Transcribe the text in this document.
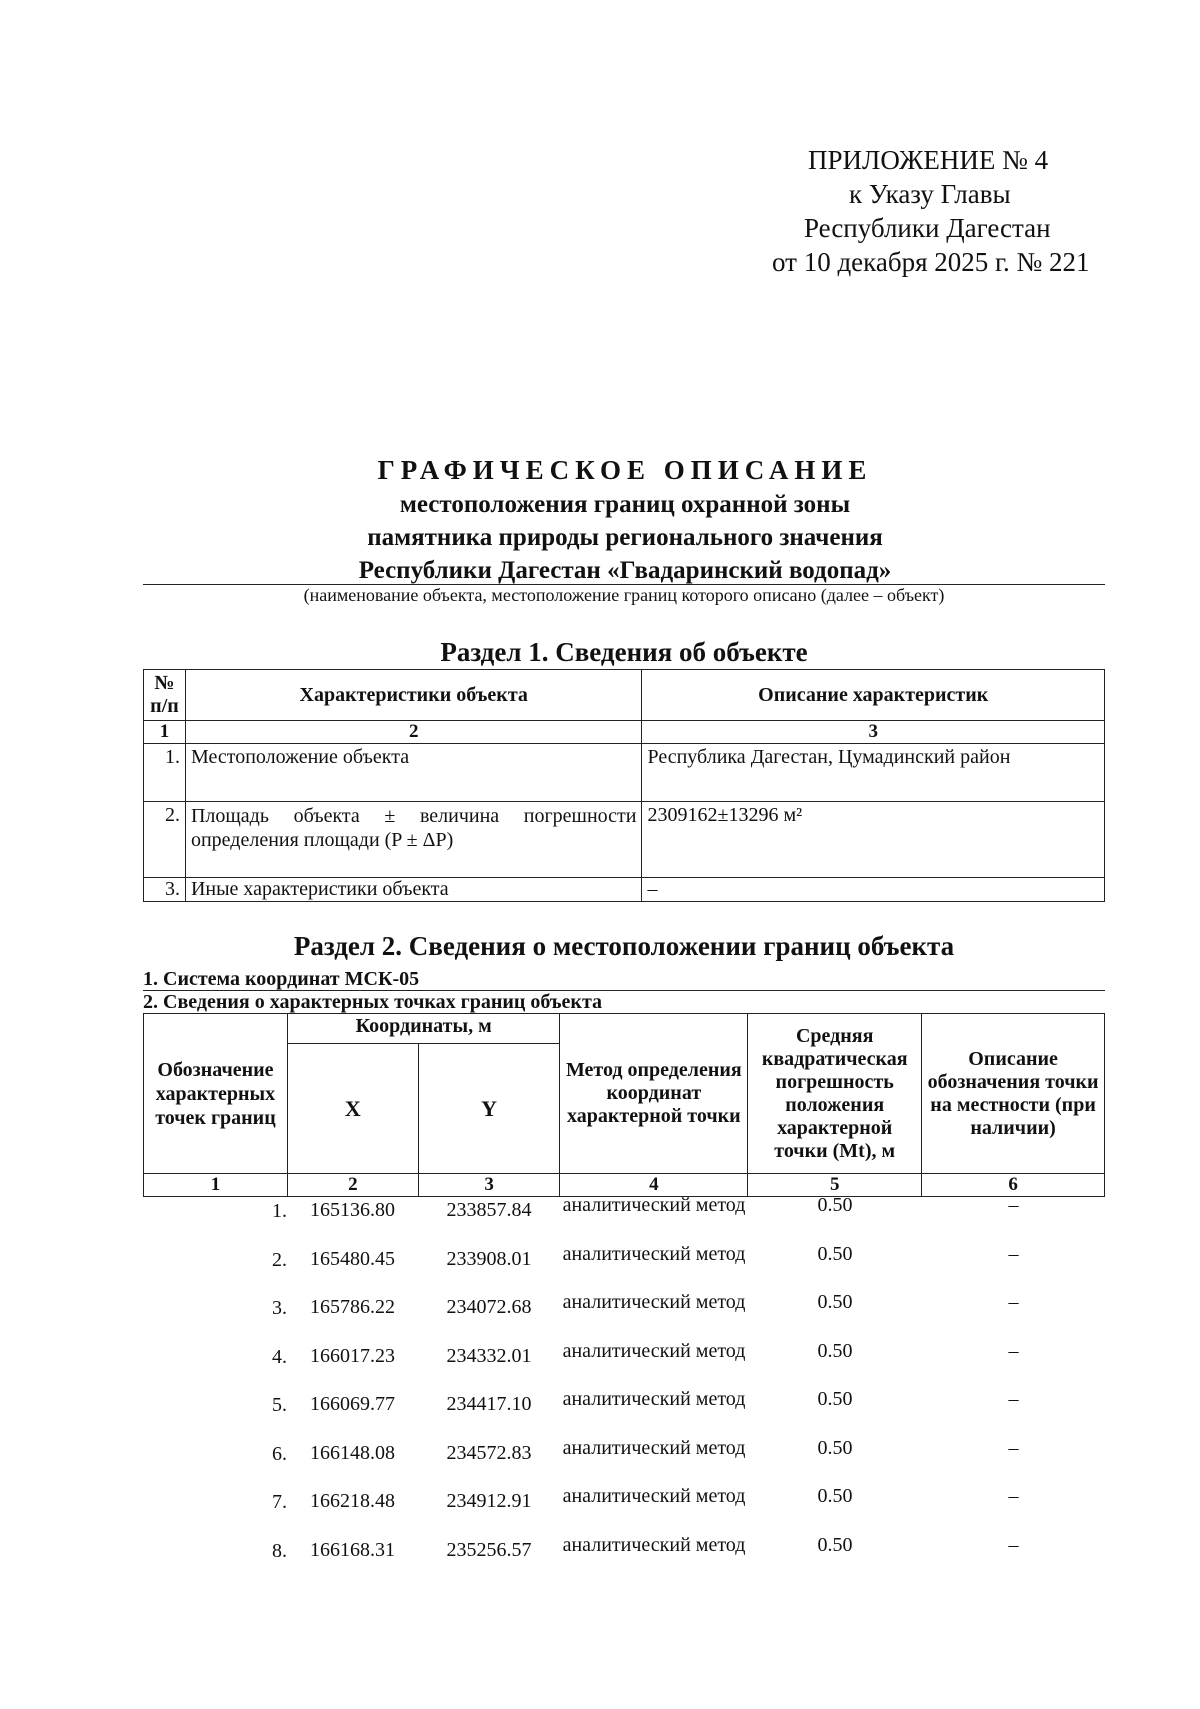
ПРИЛОЖЕНИЕ № 4
к Указу Главы
Республики Дагестан
от 10 декабря 2025 г. № 221
ГРАФИЧЕСКОЕ ОПИСАНИЕ
местоположения границ охранной зоны
памятника природы регионального значения
Республики Дагестан «Гвадаринский водопад»
(наименование объекта, местоположение границ которого описано (далее – объект)
Раздел 1. Сведения об объекте
№ п/п	Характеристики объекта	Описание характеристик
1	2	3
1.	Местоположение объекта	Республика Дагестан, Цумадинский район
2.	Площадь объекта ± величина погрешности определения площади (P ± ΔP)	2309162±13296 м²
3.	Иные характеристики объекта	–
Раздел 2. Сведения о местоположении границ объекта
1. Система координат МСК-05
2. Сведения о характерных точках границ объекта
Обозначение характерных точек границ	Координаты, м		Метод определения координат характерной точки	Средняя квадратическая погрешность положения характерной точки (Mt), м	Описание обозначения точки на местности (при наличии)
	X	Y			
1	2	3	4	5	6
1.	165136.80	233857.84	аналитический метод	0.50	–
2.	165480.45	233908.01	аналитический метод	0.50	–
3.	165786.22	234072.68	аналитический метод	0.50	–
4.	166017.23	234332.01	аналитический метод	0.50	–
5.	166069.77	234417.10	аналитический метод	0.50	–
6.	166148.08	234572.83	аналитический метод	0.50	–
7.	166218.48	234912.91	аналитический метод	0.50	–
8.	166168.31	235256.57	аналитический метод	0.50	–
